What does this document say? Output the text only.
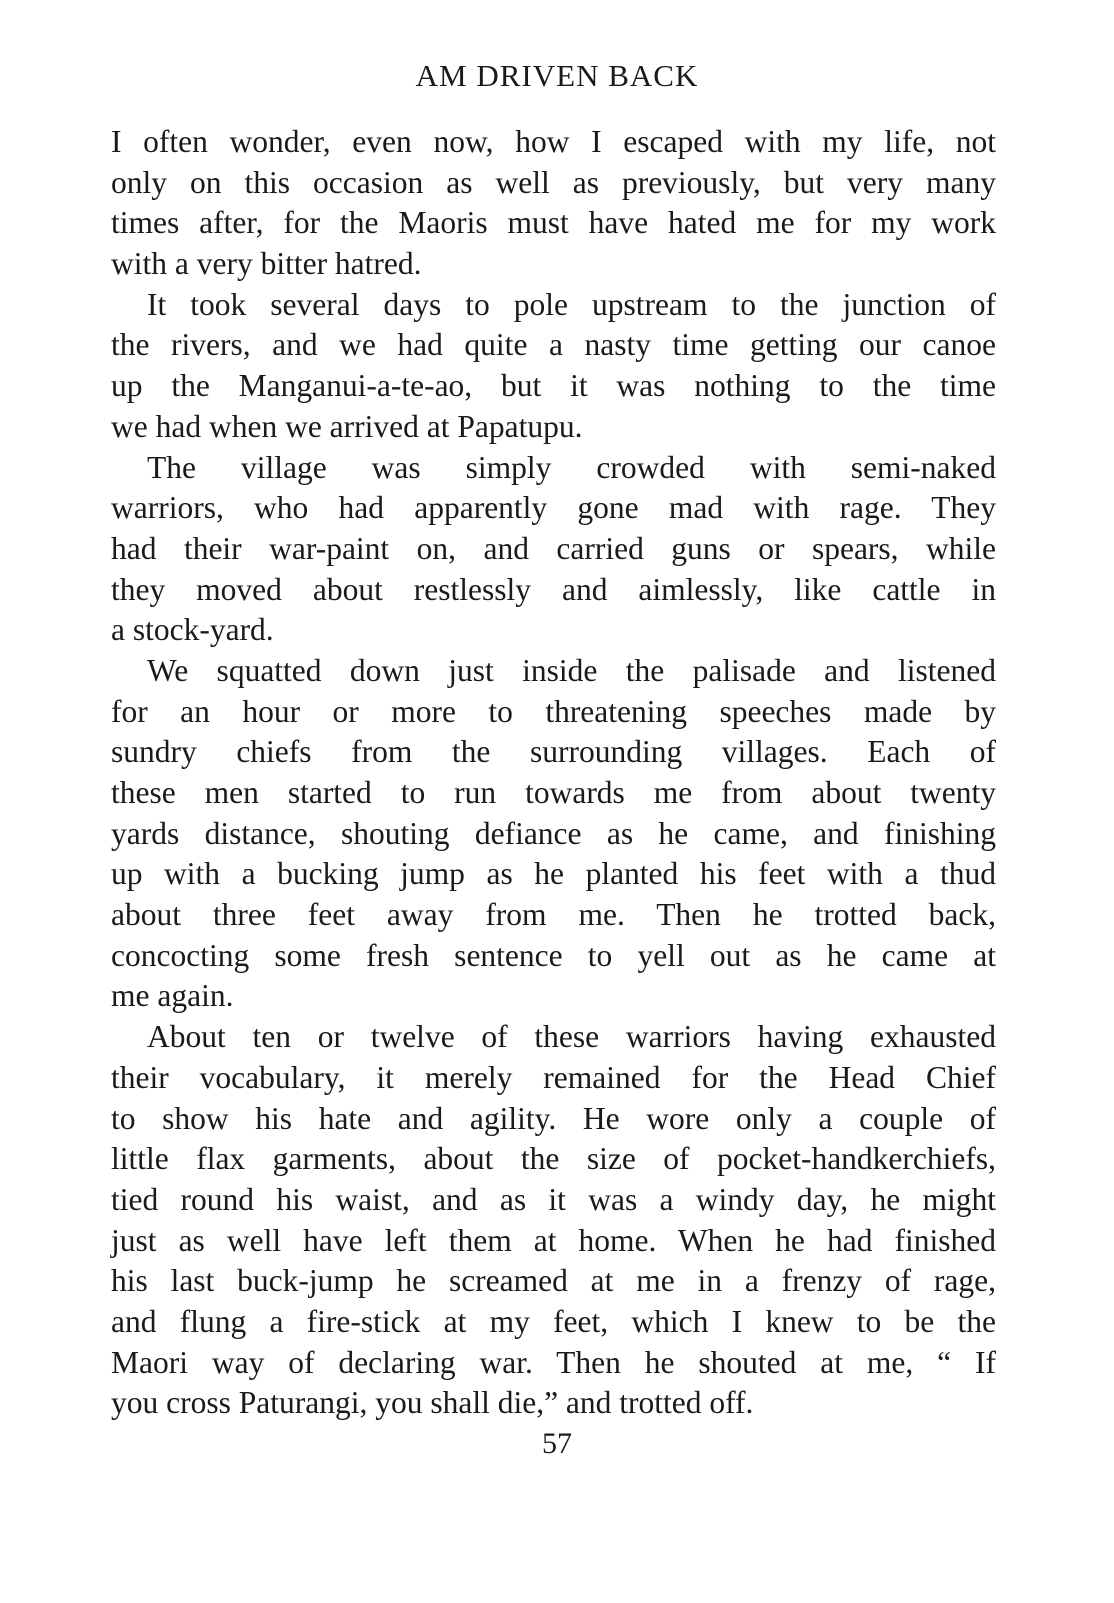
AM DRIVEN BACK
I often wonder, even now, how I escaped with my life, not
only on this occasion as well as previously, but very many
times after, for the Maoris must have hated me for my work
with a very bitter hatred.
It took several days to pole upstream to the junction of
the rivers, and we had quite a nasty time getting our canoe
up the Manganui-a-te-ao, but it was nothing to the time
we had when we arrived at Papatupu.
The village was simply crowded with semi-naked
warriors, who had apparently gone mad with rage. They
had their war-paint on, and carried guns or spears, while
they moved about restlessly and aimlessly, like cattle in
a stock-yard.
We squatted down just inside the palisade and listened
for an hour or more to threatening speeches made by
sundry chiefs from the surrounding villages. Each of
these men started to run towards me from about twenty
yards distance, shouting defiance as he came, and finishing
up with a bucking jump as he planted his feet with a thud
about three feet away from me. Then he trotted back,
concocting some fresh sentence to yell out as he came at
me again.
About ten or twelve of these warriors having exhausted
their vocabulary, it merely remained for the Head Chief
to show his hate and agility. He wore only a couple of
little flax garments, about the size of pocket-handkerchiefs,
tied round his waist, and as it was a windy day, he might
just as well have left them at home. When he had finished
his last buck-jump he screamed at me in a frenzy of rage,
and flung a fire-stick at my feet, which I knew to be the
Maori way of declaring war. Then he shouted at me, “ If
you cross Paturangi, you shall die,” and trotted off.
57
